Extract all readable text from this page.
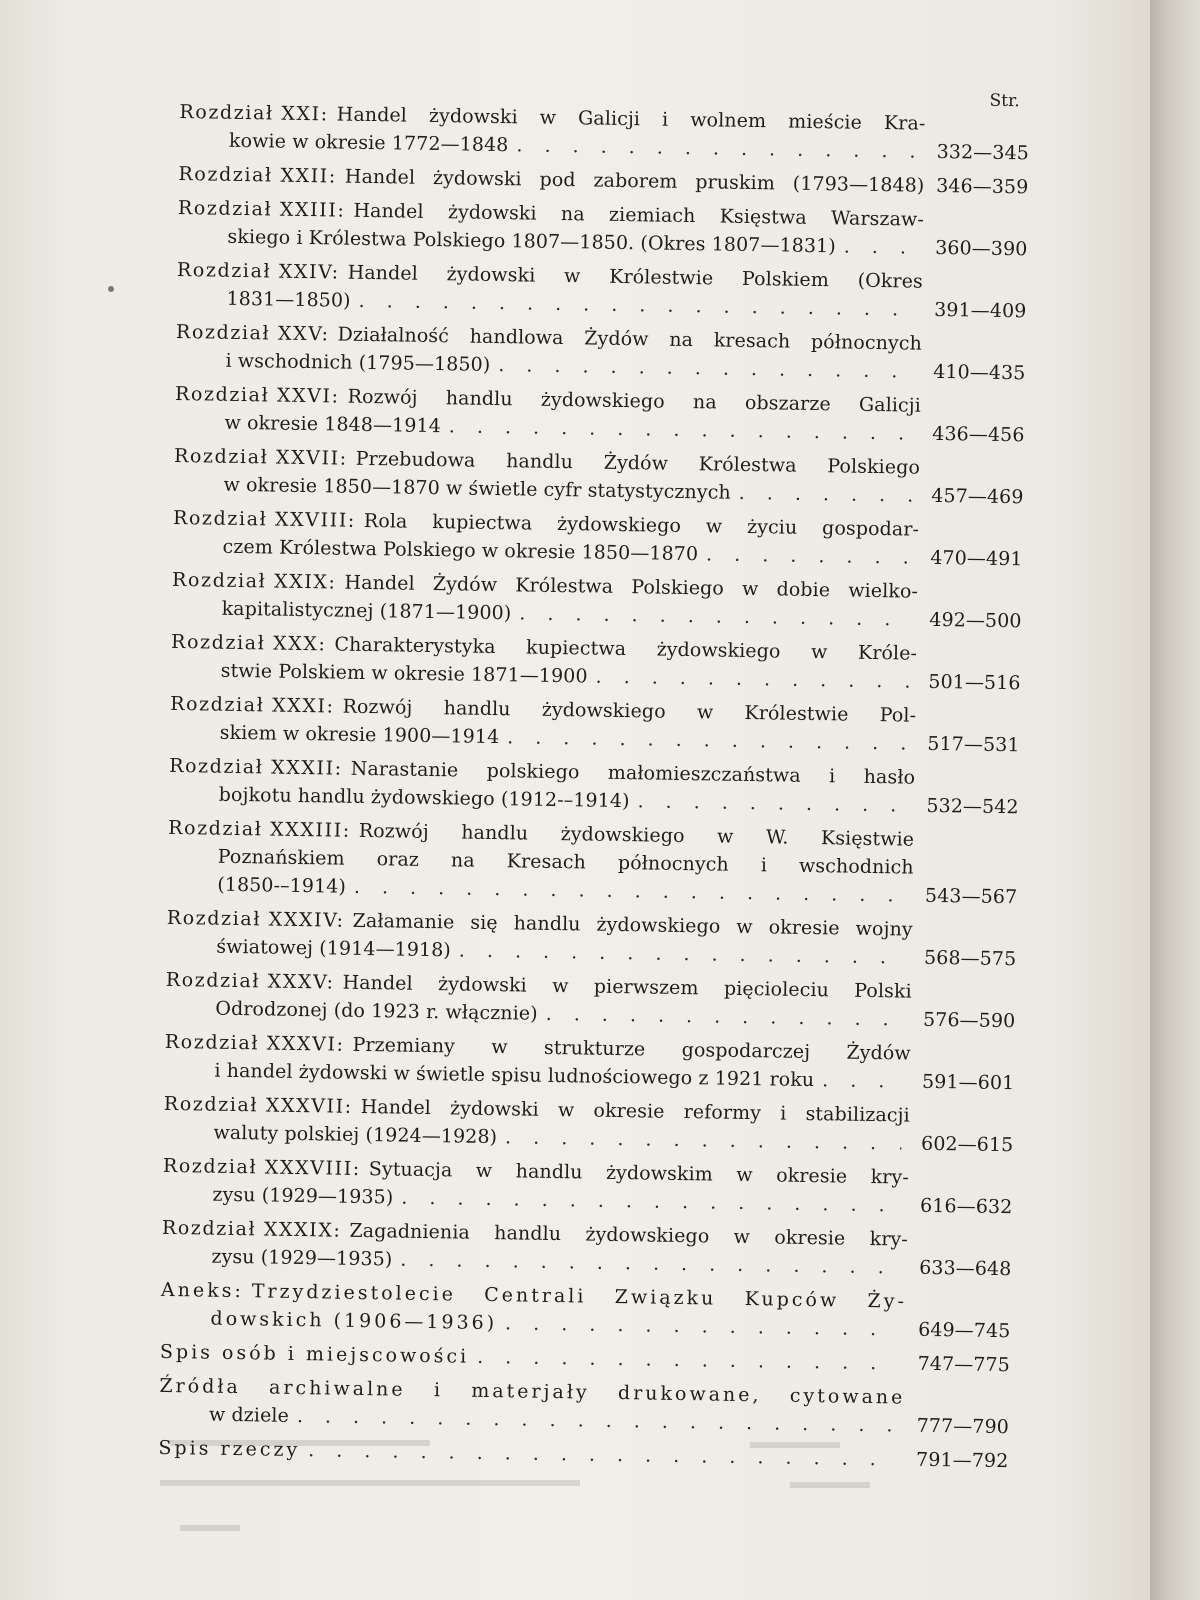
Str.
Rozdział XXI: Handel żydowski w Galicji i wolnem mieście Kra-
kowie w okresie 1772—1848 . . .	332—345
Rozdział XXII: Handel żydowski pod zaborem pruskim (1793—1848) 346—359
Rozdział XXIII: Handel żydowski na ziemiach Księstwa Warszaw-
skiego i Królestwa Polskiego 1807—1850. (Okres 1807—1831) . . .	360—390
Rozdział XXIV: Handel żydowski w Królestwie Polskiem (Okres
1831—1850) . . .	391—409
Rozdział XXV: Działalność handlowa Żydów na kresach północnych
i wschodnich (1795—1850) . . .	410—435
Rozdział XXVI: Rozwój handlu żydowskiego na obszarze Galicji
w okresie 1848—1914 . . .	436—456
Rozdział XXVII: Przebudowa handlu Żydów Królestwa Polskiego
w okresie 1850—1870 w świetle cyfr statystycznych . . .	457—469
Rozdział XXVIII: Rola kupiectwa żydowskiego w życiu gospodar-
czem Królestwa Polskiego w okresie 1850—1870 . . .	470—491
Rozdział XXIX: Handel Żydów Królestwa Polskiego w dobie wielko-
kapitalistycznej (1871—1900) . . .	492—500
Rozdział XXX: Charakterystyka kupiectwa żydowskiego w Króle-
stwie Polskiem w okresie 1871—1900 . . .	501—516
Rozdział XXXI: Rozwój handlu żydowskiego w Królestwie Pol-
skiem w okresie 1900—1914 . . .	517—531
Rozdział XXXII: Narastanie polskiego małomieszczaństwa i hasło
bojkotu handlu żydowskiego (1912-–1914) . . .	532—542
Rozdział XXXIII: Rozwój handlu żydowskiego w W. Księstwie
Poznańskiem oraz na Kresach północnych i wschodnich
(1850-–1914) . . .	543—567
Rozdział XXXIV: Załamanie się handlu żydowskiego w okresie wojny
światowej (1914—1918) . . .	568—575
Rozdział XXXV: Handel żydowski w pierwszem pięcioleciu Polski
Odrodzonej (do 1923 r. włącznie) . . .	576—590
Rozdział XXXVI: Przemiany w strukturze gospodarczej Żydów
i handel żydowski w świetle spisu ludnościowego z 1921 roku . . .	591—601
Rozdział XXXVII: Handel żydowski w okresie reformy i stabilizacji
waluty polskiej (1924—1928) . . .	602—615
Rozdział XXXVIII: Sytuacja w handlu żydowskim w okresie kry-
zysu (1929—1935) . . .	616—632
Rozdział XXXIX: Zagadnienia handlu żydowskiego w okresie kry-
zysu (1929—1935) . . .	633—648
Aneks: Trzydziestolecie Centrali Związku Kupców Ży-
dowskich (1906—1936) . . .	649—745
Spis osób i miejscowości . . .	747—775
Źródła archiwalne i materjały drukowane, cytowane
w dziele . . .	777—790
Spis rzeczy . . .	791—792
